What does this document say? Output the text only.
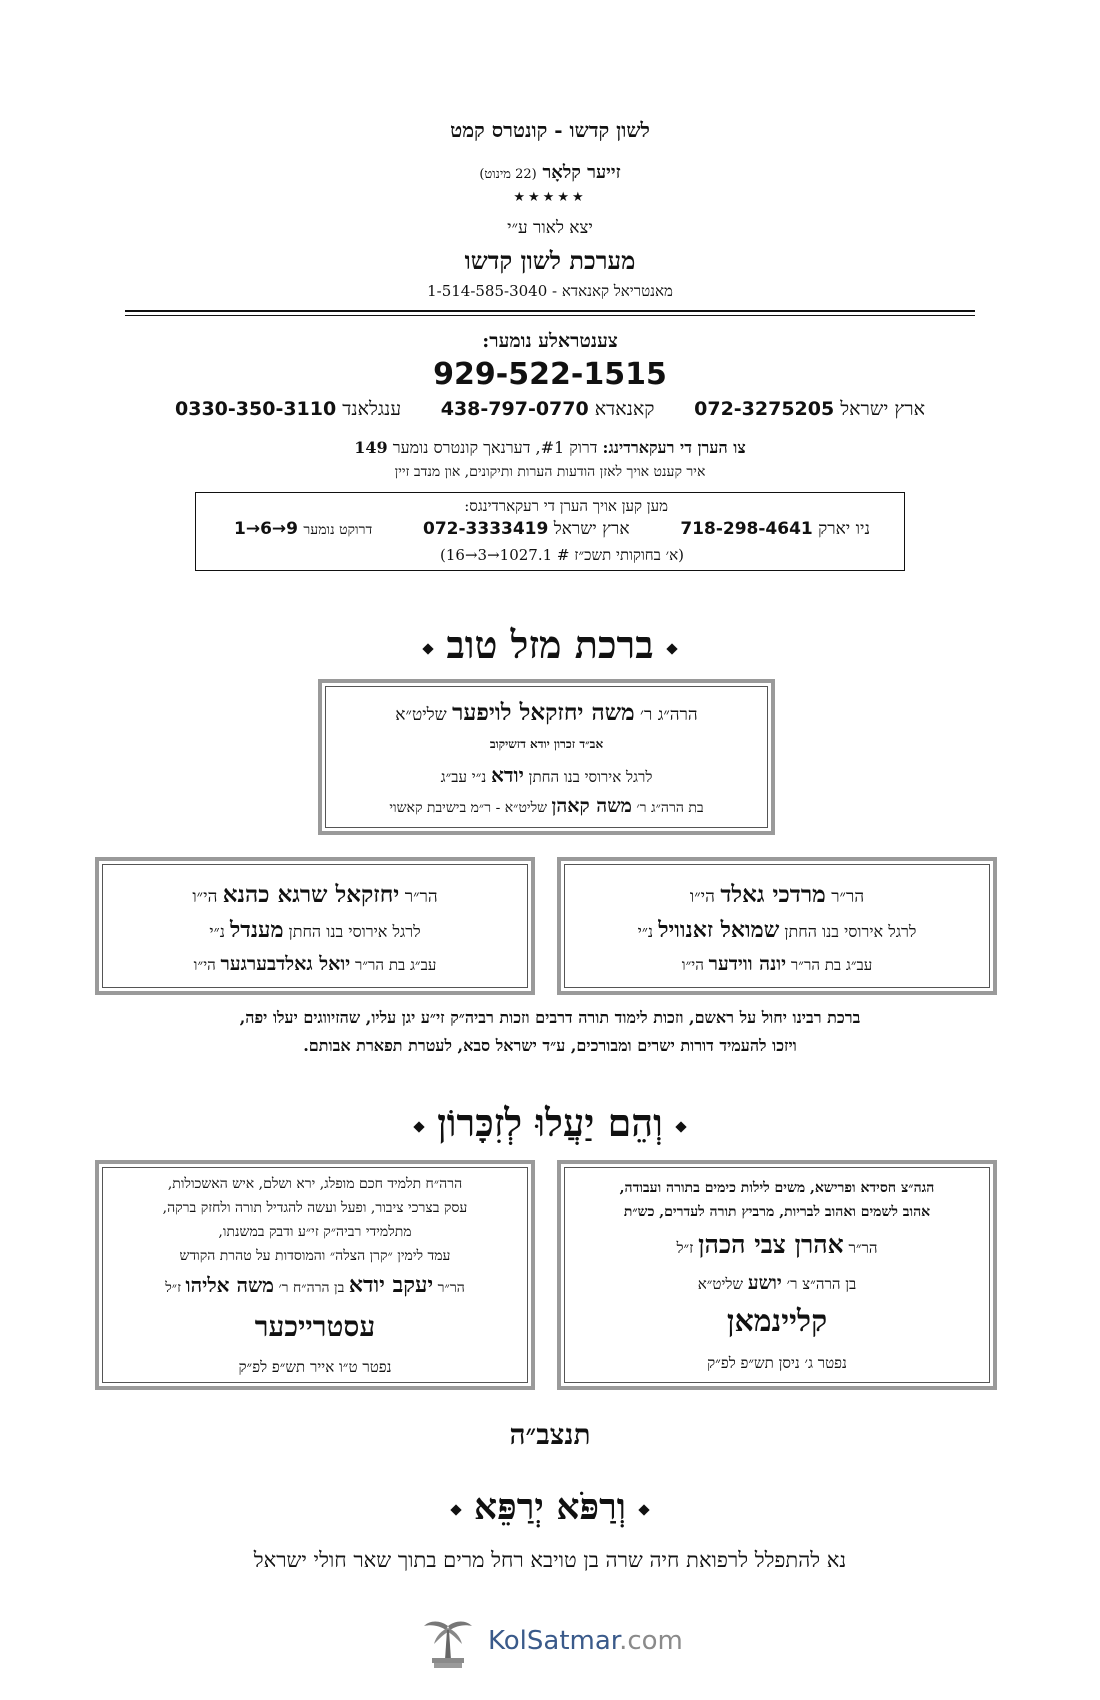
לשון קדשו - קונטרס קמט
זייער קלאָר (22 מינוט)
★★★★★
יצא לאור ע״י
מערכת לשון קדשו
מאנטריאל קאנאדא - 1-514-585-3040
צענטראלע נומער:
929-522-1515
ארץ ישראל 072-3275205
קאנאדא 438-797-0770
ענגלאנד 0330-350-3110
צו הערן די רעקארדינג: דרוק #1, דערנאך קונטרס נומער 149
איר קענט אויך לאזן הודעות הערות ותיקונים, און מנדב זיין
מען קען אויך הערן די רעקארדינגס:
ניו יארק 718-298-4641
ארץ ישראל 072-3333419
דרוקט נומער 1→6→9
(א׳ בחוקותי תשכ״ז # 1027.1→3→16)
ברכת מזל טוב
הרה״ג ר׳ משה יחזקאל לויפער שליט״א
אב״ד זכרון יודא דזשיקוב
לרגל אירוסי בנו החתן יודא נ״י עב״ג
בת הרה״ג ר׳ משה קאהן שליט״א - ר״מ בישיבת קאשוי
הר״ר מרדכי גאלד הי״ו
לרגל אירוסי בנו החתן שמואל זאנוויל נ״י
עב״ג בת הר״ר יונה ווידער הי״ו
הר״ר יחזקאל שרגא כהנא הי״ו
לרגל אירוסי בנו החתן מענדל נ״י
עב״ג בת הר״ר יואל גאלדבערגער הי״ו
ברכת רבינו יחול על ראשם, וזכות לימוד תורה דרבים וזכות רביה״ק זי״ע יגן עליו, שהזיווגים יעלו יפה,
ויזכו להעמיד דורות ישרים ומבורכים, ע״ד ישראל סבא, לעטרת תפארת אבותם.
וְהֵם יַעֲלוּ לְזִכָּרוֹן
הגה״צ חסידא ופרישא, משים לילות כימים בתורה ועבודה,
אהוב לשמים ואהוב לבריות, מרביץ תורה לעדרים, כש״ת
הר״ר אהרן צבי הכהן ז״ל
בן הרה״צ ר׳ יושע שליט״א
קליינמאן
נפטר ג׳ ניסן תש״פ לפ״ק
הרה״ח תלמיד חכם מופלג, ירא ושלם, איש האשכולות,
עסק בצרכי ציבור, ופעל ועשה להגדיל תורה ולחזק ברקה,
מתלמידי רביה״ק זי״ע ודבק במשנתו,
עמד לימין ״קרן הצלה״ והמוסדות על טהרת הקודש
הר״ר יעקב יודא בן הרה״ח ר׳ משה אליהו ז״ל
עסטרייכער
נפטר ט״ו אייר תש״פ לפ״ק
תנצב״ה
וְרַפֹּא יְרַפֵּא
נא להתפלל לרפואת חיה שרה בן טויבא רחל מרים בתוך שאר חולי ישראל
KolSatmar.com
